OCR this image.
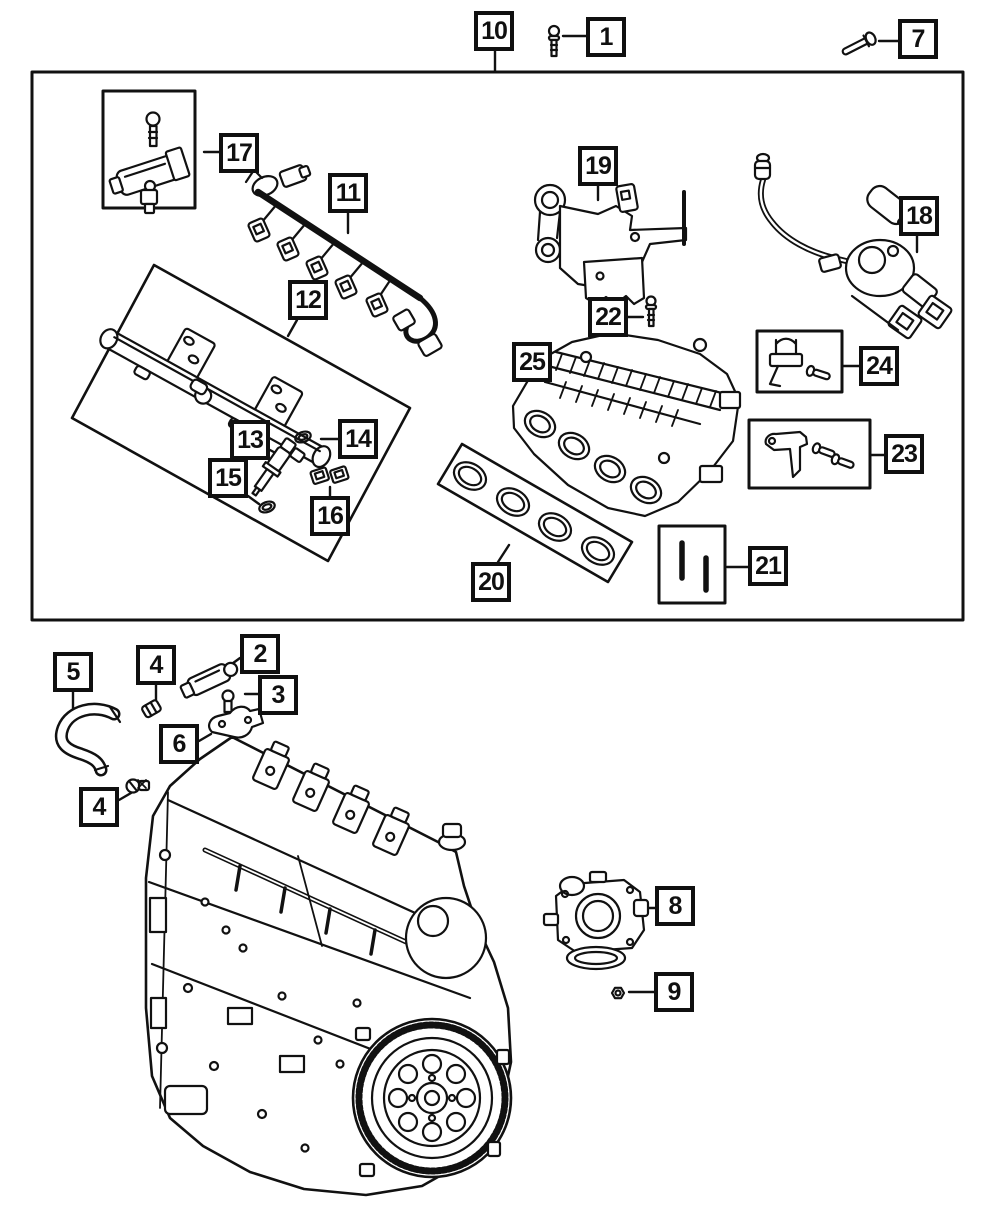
10	1	7
17
11
12
19
18
22
25	24
23
13	14
15
16
20
21
5	4	2
3
6
4
8
9
